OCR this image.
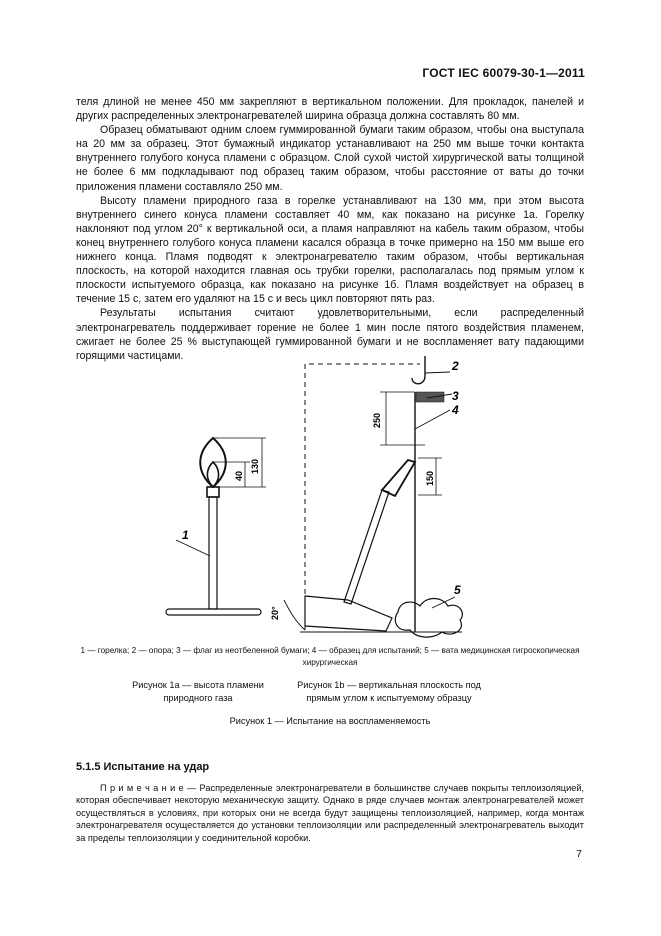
ГОСТ IEC 60079-30-1—2011

теля длиной не менее 450 мм закрепляют в вертикальном положении. Для прокладок, панелей и других распределенных электронагревателей ширина образца должна составлять 80 мм.

Образец обматывают одним слоем гуммированной бумаги таким образом, чтобы она выступала на 20 мм за образец. Этот бумажный индикатор устанавливают на 250 мм выше точки контакта внутреннего голубого конуса пламени с образцом. Слой сухой чистой хирургической ваты толщиной не более 6 мм подкладывают под образец таким образом, чтобы расстояние от ваты до точки приложения пламени составляло 250 мм.

Высоту пламени природного газа в горелке устанавливают на 130 мм, при этом высота внутреннего синего конуса пламени составляет 40 мм, как показано на рисунке 1а. Горелку наклоняют под углом 20° к вертикальной оси, а пламя направляют на кабель таким образом, чтобы конец внутреннего голубого конуса пламени касался образца в точке примерно на 150 мм выше его нижнего конца. Пламя подводят к электронагревателю таким образом, чтобы вертикальная плоскость, на которой находится главная ось трубки горелки, располагалась под прямым углом к плоскости испытуемого образца, как показано на рисунке 1б. Пламя воздействует на образец в течение 15 с, затем его удаляют на 15 с и весь цикл повторяют пять раз.

Результаты испытания считают удовлетворительными, если распределенный электронагреватель поддерживает горение не более 1 мин после пятого воздействия пламенем, сжигает не более 25 % выступающей гуммированной бумаги и не воспламеняет вату падающими горящими частицами.

130
40
1
250
150
20°
2
3
4
5
1 — горелка; 2 — опора; 3 — флаг из неотбеленной бумаги; 4 — образец для испытаний; 5 — вата медицинская гигроскопическая хирургическая
Рисунок 1а — высота пламени природного газа
Рисунок 1b — вертикальная плоскость под прямым углом к испытуемому образцу
Рисунок 1 — Испытание на воспламеняемость
5.1.5 Испытание на удар

П р и м е ч а н и е — Распределенные электронагреватели в большинстве случаев покрыты теплоизоляцией, которая обеспечивает некоторую механическую защиту. Однако в ряде случаев монтаж электронагревателей может осуществляться в условиях, при которых они не всегда будут защищены теплоизоляцией, например, когда монтаж электронагревателя осуществляется до установки теплоизоляции или распределенный электронагреватель выходит за пределы теплоизоляции у соединительной коробки.

7
